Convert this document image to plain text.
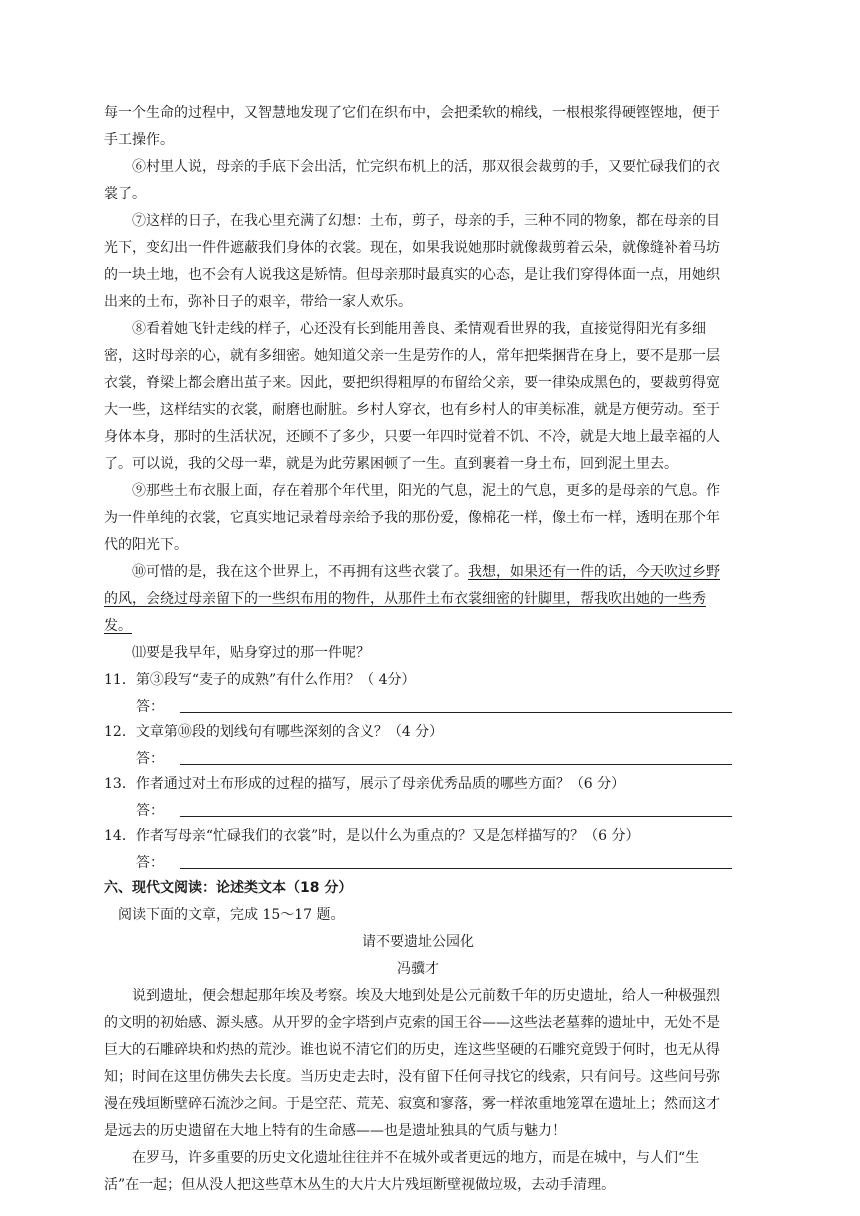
每一个生命的过程中，又智慧地发现了它们在织布中，会把柔软的棉线，一根根浆得硬铿铿地，便于手工操作。

⑥村里人说，母亲的手底下会出活，忙完织布机上的活，那双很会裁剪的手，又要忙碌我们的衣裳了。

⑦这样的日子，在我心里充满了幻想：土布，剪子，母亲的手，三种不同的物象，都在母亲的目光下，变幻出一件件遮蔽我们身体的衣裳。现在，如果我说她那时就像裁剪着云朵，就像缝补着马坊的一块土地，也不会有人说我这是矫情。但母亲那时最真实的心态，是让我们穿得体面一点，用她织出来的土布，弥补日子的艰辛，带给一家人欢乐。

⑧看着她飞针走线的样子，心还没有长到能用善良、柔情观看世界的我，直接觉得阳光有多细密，这时母亲的心，就有多细密。她知道父亲一生是劳作的人，常年把柴捆背在身上，要不是那一层衣裳，脊梁上都会磨出茧子来。因此，要把织得粗厚的布留给父亲，要一律染成黑色的，要裁剪得宽大一些，这样结实的衣裳，耐磨也耐脏。乡村人穿衣，也有乡村人的审美标准，就是方便劳动。至于身体本身，那时的生活状况，还顾不了多少，只要一年四时觉着不饥、不冷，就是大地上最幸福的人了。可以说，我的父母一辈，就是为此劳累困顿了一生。直到裹着一身土布，回到泥土里去。

⑨那些土布衣服上面，存在着那个年代里，阳光的气息，泥土的气息，更多的是母亲的气息。作为一件单纯的衣裳，它真实地记录着母亲给予我的那份爱，像棉花一样，像土布一样，透明在那个年代的阳光下。

⑩可惜的是，我在这个世界上，不再拥有这些衣裳了。我想，如果还有一件的话，今天吹过乡野的风，会绕过母亲留下的一些织布用的物件，从那件土布衣裳细密的针脚里，帮我吹出她的一些秀发。

⑾要是我早年，贴身穿过的那一件呢？

11．第③段写“麦子的成熟”有什么作用？（ 4分）

答：

12．文章第⑩段的划线句有哪些深刻的含义？（4 分）

答：

13．作者通过对土布形成的过程的描写，展示了母亲优秀品质的哪些方面？（6 分）

答：

14．作者写母亲“忙碌我们的衣裳”时，是以什么为重点的？又是怎样描写的？（6 分）

答：

六、现代文阅读：论述类文本（18 分）

阅读下面的文章，完成 15～17 题。

请不要遗址公园化

冯骥才

说到遗址，便会想起那年埃及考察。埃及大地到处是公元前数千年的历史遗址，给人一种极强烈的文明的初始感、源头感。从开罗的金字塔到卢克索的国王谷——这些法老墓葬的遗址中，无处不是巨大的石雕碎块和灼热的荒沙。谁也说不清它们的历史，连这些坚硬的石雕究竟毁于何时，也无从得知；时间在这里仿佛失去长度。当历史走去时，没有留下任何寻找它的线索，只有问号。这些问号弥漫在残垣断壁碎石流沙之间。于是空茫、荒芜、寂寞和寥落，雾一样浓重地笼罩在遗址上；然而这才是远去的历史遗留在大地上特有的生命感——也是遗址独具的气质与魅力！

在罗马，许多重要的历史文化遗址往往并不在城外或者更远的地方，而是在城中，与人们“生活”在一起；但从没人把这些草木丛生的大片大片残垣断壁视做垃圾，去动手清理。
